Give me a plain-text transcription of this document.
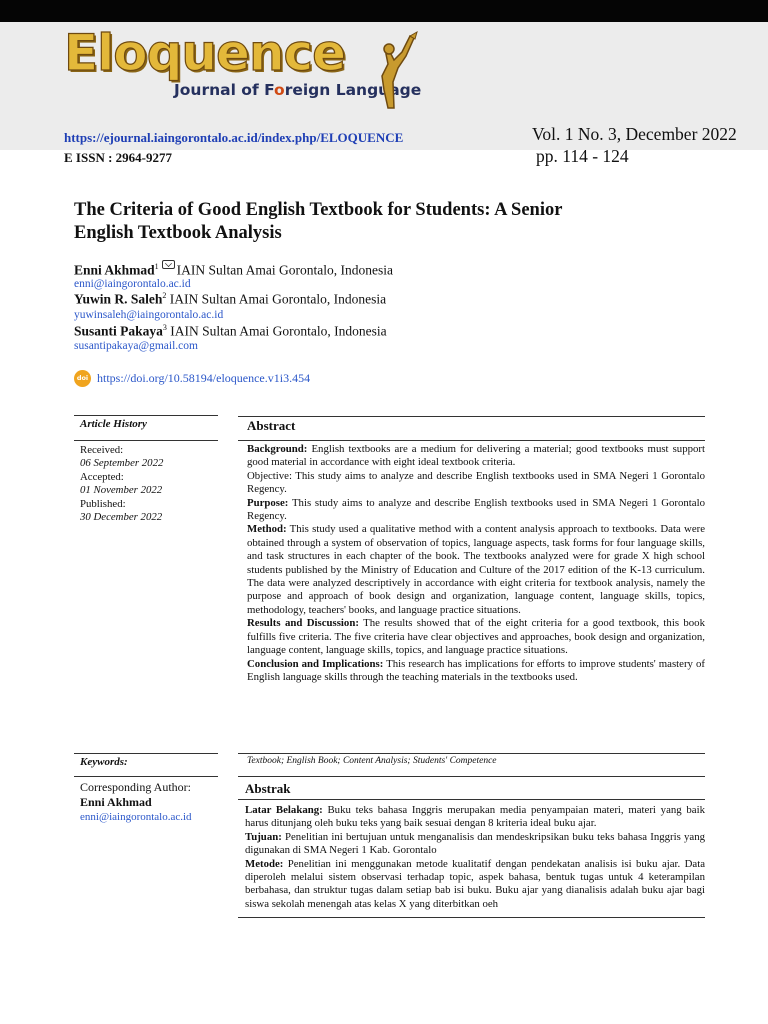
Eloquence
Journal of Foreign Language
https://ejournal.iaingorontalo.ac.id/index.php/ELOQUENCE
E ISSN : 2964-9277
Vol. 1 No. 3, December 2022
pp. 114 - 124
The Criteria of Good English Textbook for Students: A Senior
English Textbook Analysis
Enni Akhmad$^1$ IAIN Sultan Amai Gorontalo, Indonesia
enni@iaingorontalo.ac.id
Yuwin R. Saleh$^2$ IAIN Sultan Amai Gorontalo, Indonesia
yuwinsaleh@iaingorontalo.ac.id
Susanti Pakaya$^3$ IAIN Sultan Amai Gorontalo, Indonesia
susantipakaya@gmail.com
doi https://doi.org/10.58194/eloquence.v1i3.454
Article History	Abstract
Received:
06 September 2022
Accepted:
01 November 2022
Published:
30 December 2022

Background: English textbooks are a medium for delivering a material; good textbooks must support good material in accordance with eight ideal textbook criteria.

Objective: This study aims to analyze and describe English textbooks used in SMA Negeri 1 Gorontalo Regency.

Purpose: This study aims to analyze and describe English textbooks used in SMA Negeri 1 Gorontalo Regency.

Method: This study used a qualitative method with a content analysis approach to textbooks. Data were obtained through a system of observation of topics, language aspects, task forms for four language skills, and task structures in each chapter of the book. The textbooks analyzed were for grade X high school students published by the Ministry of Education and Culture of the 2017 edition of the K-13 curriculum. The data were analyzed descriptively in accordance with eight criteria for textbook analysis, namely the purpose and approach of book design and organization, language content, language skills, topics, methodology, teachers' books, and language practice situations.

Results and Discussion: The results showed that of the eight criteria for a good textbook, this book fulfills five criteria. The five criteria have clear objectives and approaches, book design and organization, language content, language skills, topics, and language practice situations.

Conclusion and Implications: This research has implications for efforts to improve students' mastery of English language skills through the teaching materials in the textbooks used.

Keywords:	Textbook; English Book; Content Analysis; Students' Competence
Corresponding Author:
Enni Akhmad
enni@iaingorontalo.ac.id
Abstrak

Latar Belakang: Buku teks bahasa Inggris merupakan media penyampaian materi, materi yang baik harus ditunjang oleh buku teks yang baik sesuai dengan 8 kriteria ideal buku ajar.

Tujuan: Penelitian ini bertujuan untuk menganalisis dan mendeskripsikan buku teks bahasa Inggris yang digunakan di SMA Negeri 1 Kab. Gorontalo

Metode: Penelitian ini menggunakan metode kualitatif dengan pendekatan analisis isi buku ajar. Data diperoleh melalui sistem observasi terhadap topic, aspek bahasa, bentuk tugas untuk 4 keterampilan berbahasa, dan struktur tugas dalam setiap bab isi buku. Buku ajar yang dianalisis adalah buku ajar bagi siswa sekolah menengah atas kelas X yang diterbitkan oeh
